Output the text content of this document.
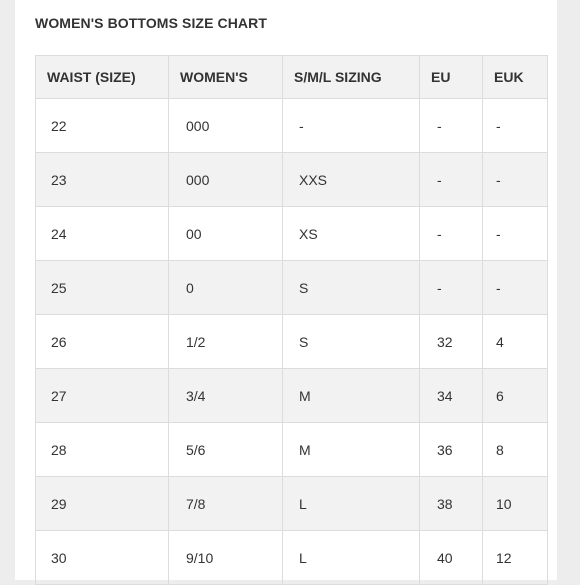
WOMEN'S BOTTOMS SIZE CHART
WAIST (SIZE)	WOMEN'S	S/M/L SIZING	EU	EUK
22	000	-	-	-
23	000	XXS	-	-
24	00	XS	-	-
25	0	S	-	-
26	1/2	S	32	4
27	3/4	M	34	6
28	5/6	M	36	8
29	7/8	L	38	10
30	9/10	L	40	12
